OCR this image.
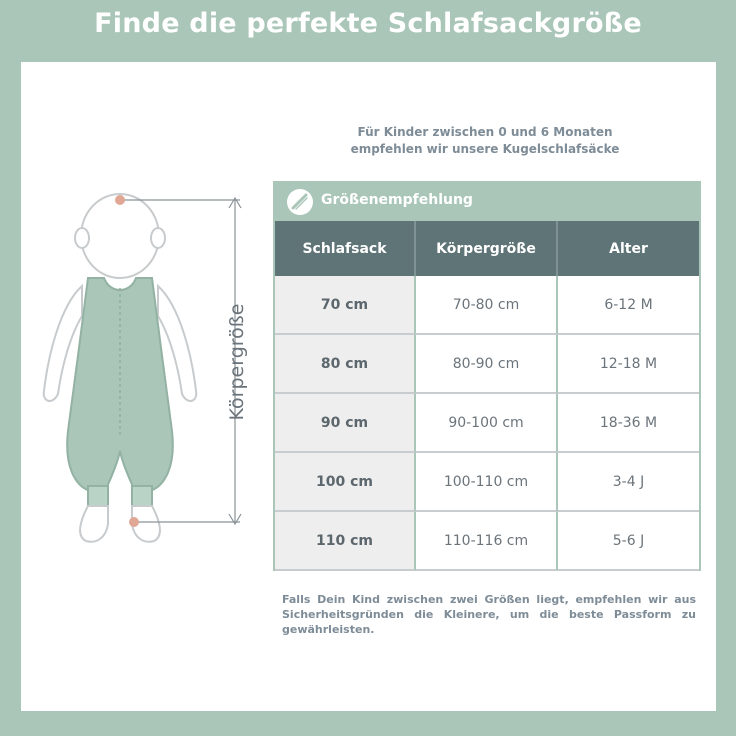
Finde die perfekte Schlafsackgröße
Für Kinder zwischen 0 und 6 Monaten
empfehlen wir unsere Kugelschlafsäcke
Körpergröße
Größenempfehlung
Schlafsack	Körpergröße	Alter
70 cm	70-80 cm	6-12 M
80 cm	80-90 cm	12-18 M
90 cm	90-100 cm	18-36 M
100 cm	100-110 cm	3-4 J
110 cm	110-116 cm	5-6 J
Falls Dein Kind zwischen zwei Größen liegt, empfehlen wir aus Sicherheitsgründen die Kleinere, um die beste Passform zu gewährleisten.
